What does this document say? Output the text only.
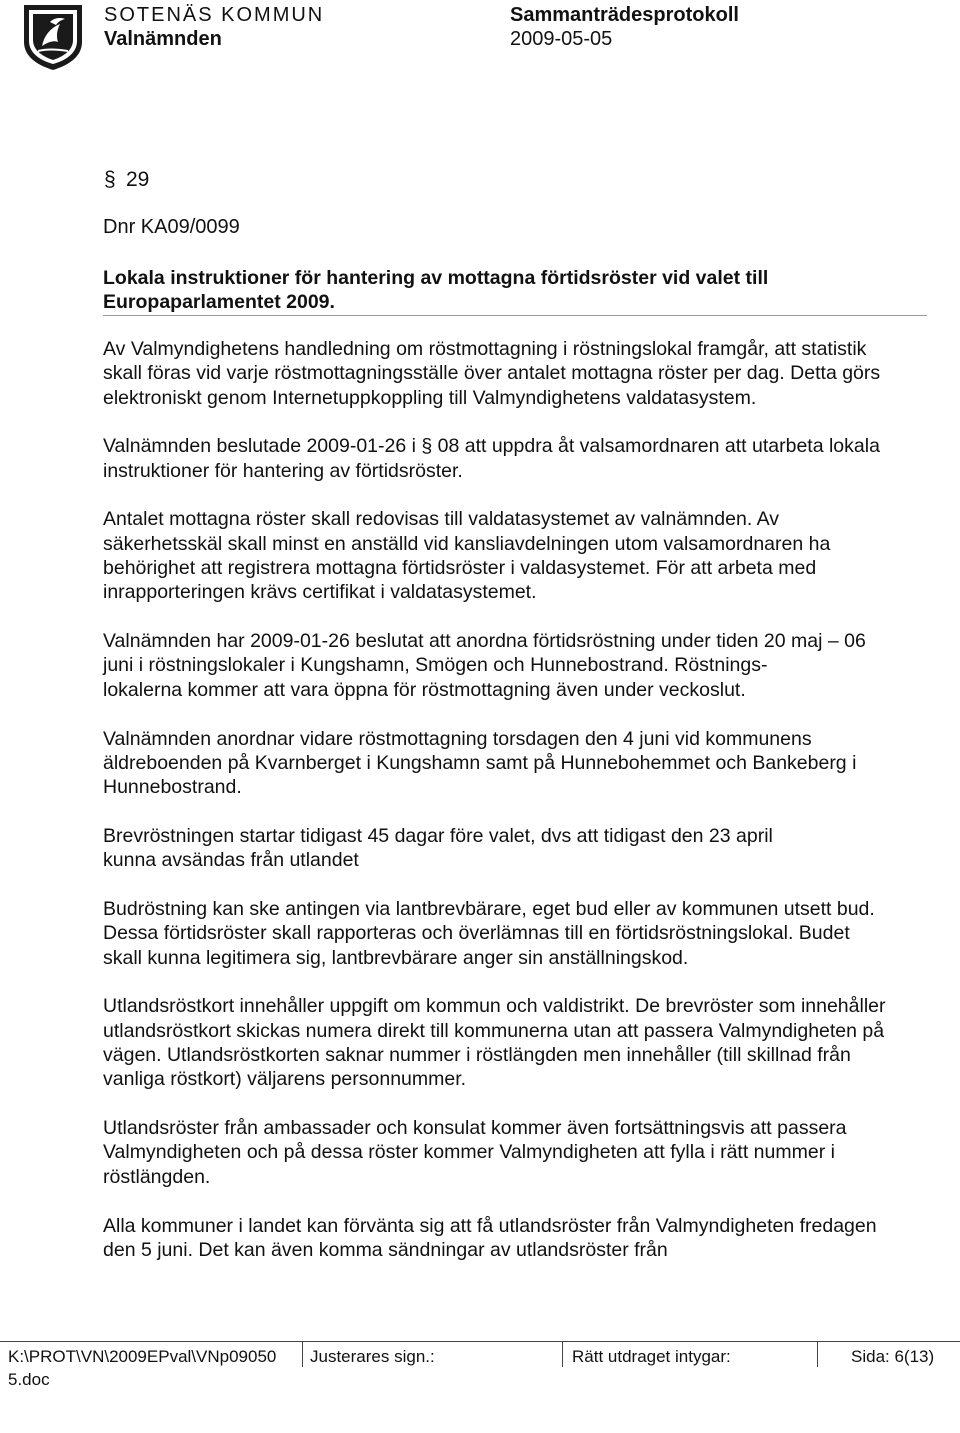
SOTENÄS KOMMUN	Sammanträdesprotokoll
Valnämnden	2009-05-05
§ 29
Dnr KA09/0099
Lokala instruktioner för hantering av mottagna förtidsröster vid valet till Europaparlamentet 2009.

Av Valmyndighetens handledning om röstmottagning i röstningslokal framgår, att statistik skall föras vid varje röstmottagningsställe över antalet mottagna röster per dag. Detta görs elektroniskt genom Internetuppkoppling till Valmyndighetens valdatasystem.

Valnämnden beslutade 2009-01-26 i § 08 att uppdra åt valsamordnaren att utarbeta lokala instruktioner för hantering av förtidsröster.

Antalet mottagna röster skall redovisas till valdatasystemet av valnämnden. Av säkerhetsskäl skall minst en anställd vid kansliavdelningen utom valsamordnaren ha behörighet att registrera mottagna förtidsröster i valdasystemet. För att arbeta med inrapporteringen krävs certifikat i valdatasystemet.

Valnämnden har 2009-01-26 beslutat att anordna förtidsröstning under tiden 20 maj – 06 juni i röstningslokaler i Kungshamn, Smögen och Hunnebostrand. Röstnings-
lokalerna kommer att vara öppna för röstmottagning även under veckoslut.

Valnämnden anordnar vidare röstmottagning torsdagen den 4 juni vid kommunens äldreboenden på Kvarnberget i Kungshamn samt på Hunnebohemmet och Bankeberg i Hunnebostrand.

Brevröstningen startar tidigast 45 dagar före valet, dvs att tidigast den 23 april
kunna avsändas från utlandet

Budröstning kan ske antingen via lantbrevbärare, eget bud eller av kommunen utsett bud. Dessa förtidsröster skall rapporteras och överlämnas till en förtidsröstningslokal. Budet skall kunna legitimera sig, lantbrevbärare anger sin anställningskod.

Utlandsröstkort innehåller uppgift om kommun och valdistrikt. De brevröster som innehåller utlandsröstkort skickas numera direkt till kommunerna utan att passera Valmyndigheten på vägen. Utlandsröstkorten saknar nummer i röstlängden men innehåller (till skillnad från vanliga röstkort) väljarens personnummer.

Utlandsröster från ambassader och konsulat kommer även fortsättningsvis att passera Valmyndigheten och på dessa röster kommer Valmyndigheten att fylla i rätt nummer i röstlängden.

Alla kommuner i landet kan förvänta sig att få utlandsröster från Valmyndigheten fredagen den 5 juni. Det kan även komma sändningar av utlandsröster från

K:\PROT\VN\2009EPval\VNp09050
5.doc
Justerares sign.:	Rätt utdraget intygar:	Sida: 6(13)
